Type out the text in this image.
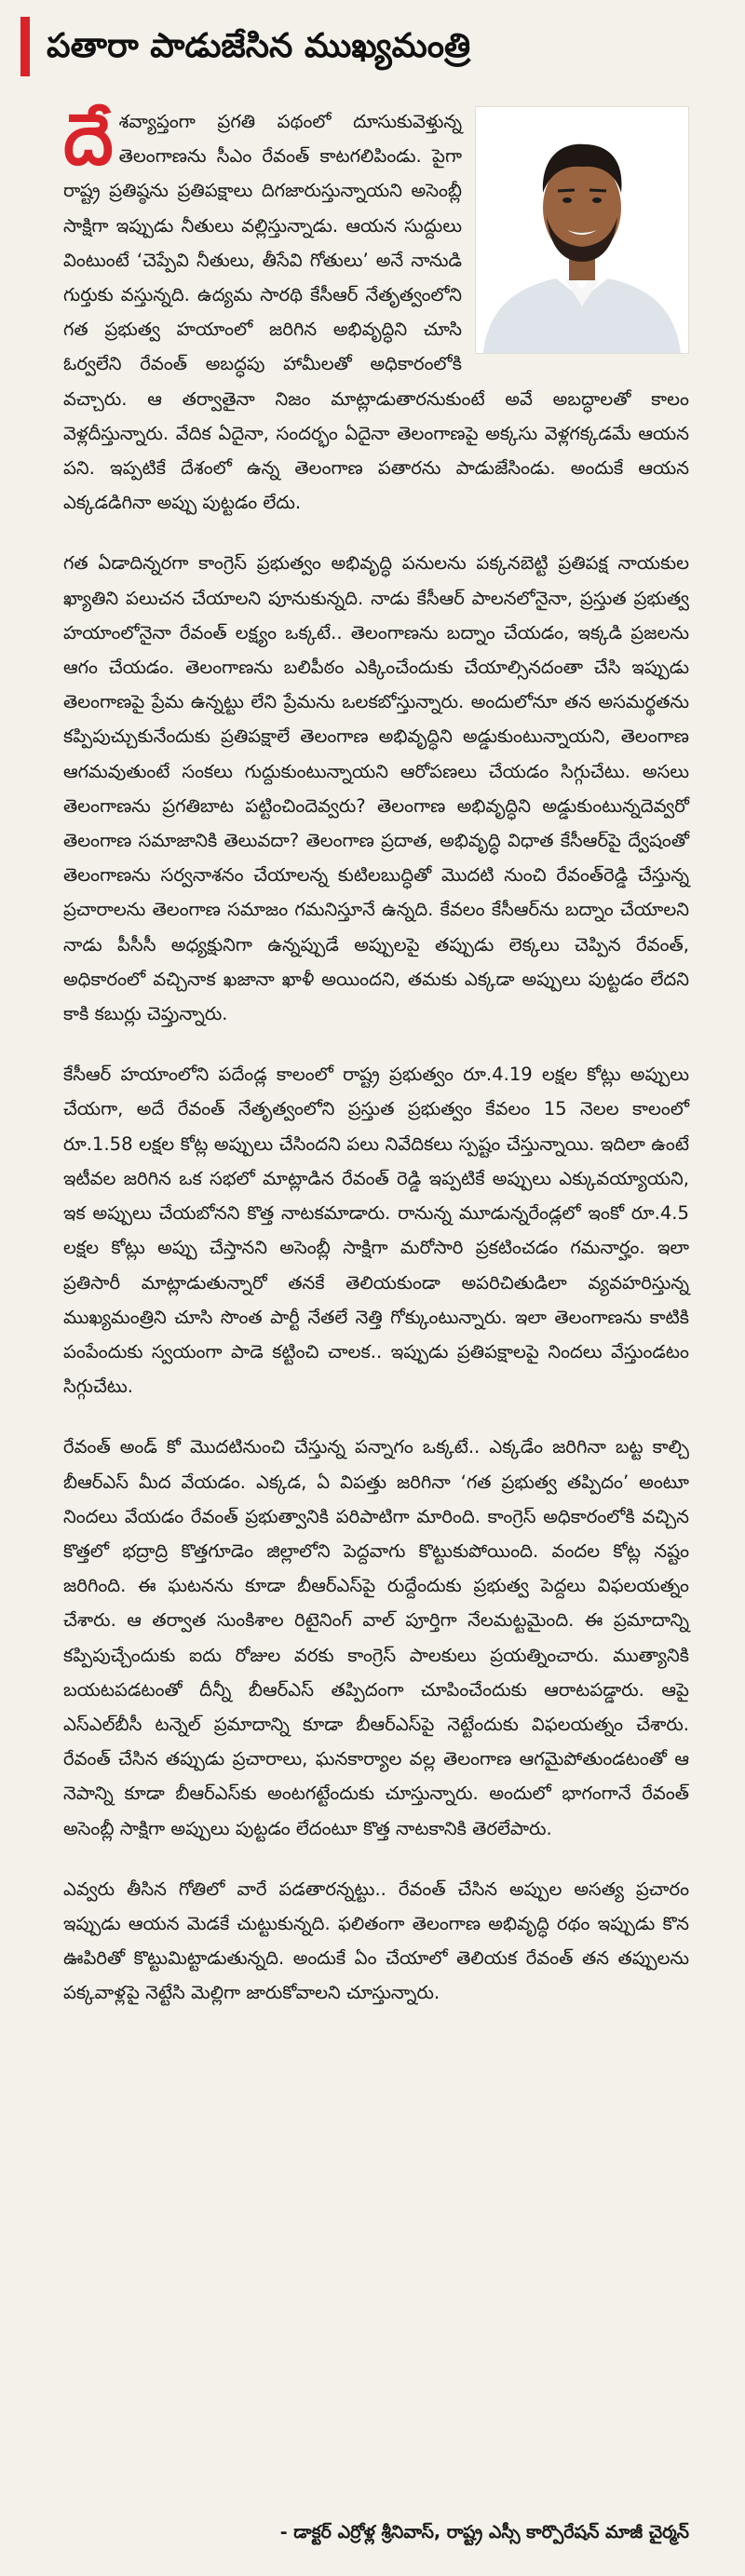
పతారా పాడుజేసిన ముఖ్యమంత్రి

దేశవ్యాప్తంగా ప్రగతి పథంలో దూసుకువెళ్తున్న తెలంగాణను సీఎం రేవంత్ కాటగలిపిండు. పైగా రాష్ట్ర ప్రతిష్ఠను ప్రతిపక్షాలు దిగజారుస్తున్నాయని అసెంబ్లీ సాక్షిగా ఇప్పుడు నీతులు వల్లిస్తున్నాడు. ఆయన సుద్దులు వింటుంటే ‘చెప్పేవి నీతులు, తీసేవి గోతులు’ అనే నానుడి గుర్తుకు వస్తున్నది. ఉద్యమ సారథి కేసీఆర్ నేతృత్వంలోని గత ప్రభుత్వ హయాంలో జరిగిన అభివృద్ధిని చూసి ఓర్వలేని రేవంత్ అబద్ధపు హామీలతో అధికారంలోకి వచ్చారు. ఆ తర్వాతైనా నిజం మాట్లాడుతారనుకుంటే అవే అబద్ధాలతో కాలం వెళ్లదీస్తున్నారు. వేదిక ఏదైనా, సందర్భం ఏదైనా తెలంగాణపై అక్కసు వెళ్లగక్కడమే ఆయన పని. ఇప్పటికే దేశంలో ఉన్న తెలంగాణ పతారను పాడుజేసిండు. అందుకే ఆయన ఎక్కడడిగినా అప్పు పుట్టడం లేదు.

గత ఏడాదిన్నరగా కాంగ్రెస్ ప్రభుత్వం అభివృద్ధి పనులను పక్కనబెట్టి ప్రతిపక్ష నాయకుల ఖ్యాతిని పలుచన చేయాలని పూనుకున్నది. నాడు కేసీఆర్ పాలనలోనైనా, ప్రస్తుత ప్రభుత్వ హయాంలోనైనా రేవంత్ లక్ష్యం ఒక్కటే.. తెలంగాణను బద్నాం చేయడం, ఇక్కడి ప్రజలను ఆగం చేయడం. తెలంగాణను బలిపీఠం ఎక్కించేందుకు చేయాల్సినదంతా చేసి ఇప్పుడు తెలంగాణపై ప్రేమ ఉన్నట్టు లేని ప్రేమను ఒలకబోస్తున్నారు. అందులోనూ తన అసమర్థతను కప్పిపుచ్చుకునేందుకు ప్రతిపక్షాలే తెలంగాణ అభివృద్ధిని అడ్డుకుంటున్నాయని, తెలంగాణ ఆగమవుతుంటే సంకలు గుద్దుకుంటున్నాయని ఆరోపణలు చేయడం సిగ్గుచేటు. అసలు తెలంగాణను ప్రగతిబాట పట్టించిందెవ్వరు? తెలంగాణ అభివృద్ధిని అడ్డుకుంటున్నదెవ్వరో తెలంగాణ సమాజానికి తెలువదా? తెలంగాణ ప్రదాత, అభివృద్ధి విధాత కేసీఆర్‌పై ద్వేషంతో తెలంగాణను సర్వనాశనం చేయాలన్న కుటిలబుద్ధితో మొదటి నుంచి రేవంత్‌రెడ్డి చేస్తున్న ప్రచారాలను తెలంగాణ సమాజం గమనిస్తూనే ఉన్నది. కేవలం కేసీఆర్‌ను బద్నాం చేయాలని నాడు పీసీసీ అధ్యక్షునిగా ఉన్నప్పుడే అప్పులపై తప్పుడు లెక్కలు చెప్పిన రేవంత్, అధికారంలో వచ్చినాక ఖజానా ఖాళీ అయిందని, తమకు ఎక్కడా అప్పులు పుట్టడం లేదని కాకి కబుర్లు చెప్తున్నారు.

కేసీఆర్ హయాంలోని పదేండ్ల కాలంలో రాష్ట్ర ప్రభుత్వం రూ.4.19 లక్షల కోట్లు అప్పులు చేయగా, అదే రేవంత్ నేతృత్వంలోని ప్రస్తుత ప్రభుత్వం కేవలం 15 నెలల కాలంలో రూ.1.58 లక్షల కోట్ల అప్పులు చేసిందని పలు నివేదికలు స్పష్టం చేస్తున్నాయి. ఇదిలా ఉంటే ఇటీవల జరిగిన ఒక సభలో మాట్లాడిన రేవంత్ రెడ్డి ఇప్పటికే అప్పులు ఎక్కువయ్యాయని, ఇక అప్పులు చేయబోనని కొత్త నాటకమాడారు. రానున్న మూడున్నరేండ్లలో ఇంకో రూ.4.5 లక్షల కోట్లు అప్పు చేస్తానని అసెంబ్లీ సాక్షిగా మరోసారి ప్రకటించడం గమనార్హం. ఇలా ప్రతిసారీ మాట్లాడుతున్నారో తనకే తెలియకుండా అపరిచితుడిలా వ్యవహరిస్తున్న ముఖ్యమంత్రిని చూసి సొంత పార్టీ నేతలే నెత్తి గోక్కుంటున్నారు. ఇలా తెలంగాణను కాటికి పంపేందుకు స్వయంగా పాడె కట్టించి చాలక.. ఇప్పుడు ప్రతిపక్షాలపై నిందలు వేస్తుండటం సిగ్గుచేటు.

రేవంత్ అండ్ కో మొదటినుంచి చేస్తున్న పన్నాగం ఒక్కటే.. ఎక్కడేం జరిగినా బట్ట కాల్చి బీఆర్ఎస్ మీద వేయడం. ఎక్కడ, ఏ విపత్తు జరిగినా ‘గత ప్రభుత్వ తప్పిదం’ అంటూ నిందలు వేయడం రేవంత్ ప్రభుత్వానికి పరిపాటిగా మారింది. కాంగ్రెస్ అధికారంలోకి వచ్చిన కొత్తలో భద్రాద్రి కొత్తగూడెం జిల్లాలోని పెద్దవాగు కొట్టుకుపోయింది. వందల కోట్ల నష్టం జరిగింది. ఈ ఘటనను కూడా బీఆర్ఎస్‌పై రుద్దేందుకు ప్రభుత్వ పెద్దలు విఫలయత్నం చేశారు. ఆ తర్వాత సుంకిశాల రిటైనింగ్ వాల్ పూర్తిగా నేలమట్టమైంది. ఈ ప్రమాదాన్ని కప్పిపుచ్చేందుకు ఐదు రోజుల వరకు కాంగ్రెస్ పాలకులు ప్రయత్నించారు. ముత్యానికి బయటపడటంతో దీన్నీ బీఆర్ఎస్ తప్పిదంగా చూపించేందుకు ఆరాటపడ్డారు. ఆపై ఎస్ఎల్‌బీసీ టన్నెల్ ప్రమాదాన్ని కూడా బీఆర్ఎస్‌పై నెట్టేందుకు విఫలయత్నం చేశారు. రేవంత్ చేసిన తప్పుడు ప్రచారాలు, ఘనకార్యాల వల్ల తెలంగాణ ఆగమైపోతుండటంతో ఆ నెపాన్ని కూడా బీఆర్ఎస్‌కు అంటగట్టేందుకు చూస్తున్నారు. అందులో భాగంగానే రేవంత్ అసెంబ్లీ సాక్షిగా అప్పులు పుట్టడం లేదంటూ కొత్త నాటకానికి తెరలేపారు.

ఎవ్వరు తీసిన గోతిలో వారే పడతారన్నట్టు.. రేవంత్ చేసిన అప్పుల అసత్య ప్రచారం ఇప్పుడు ఆయన మెడకే చుట్టుకున్నది. ఫలితంగా తెలంగాణ అభివృద్ధి రథం ఇప్పుడు కొన ఊపిరితో కొట్టుమిట్టాడుతున్నది. అందుకే ఏం చేయాలో తెలియక రేవంత్ తన తప్పులను పక్కవాళ్లపై నెట్టేసి మెల్లిగా జారుకోవాలని చూస్తున్నారు.

- డాక్టర్ ఎర్రోళ్ల శ్రీనివాస్, రాష్ట్ర ఎస్సీ కార్పొరేషన్ మాజీ చైర్మన్
